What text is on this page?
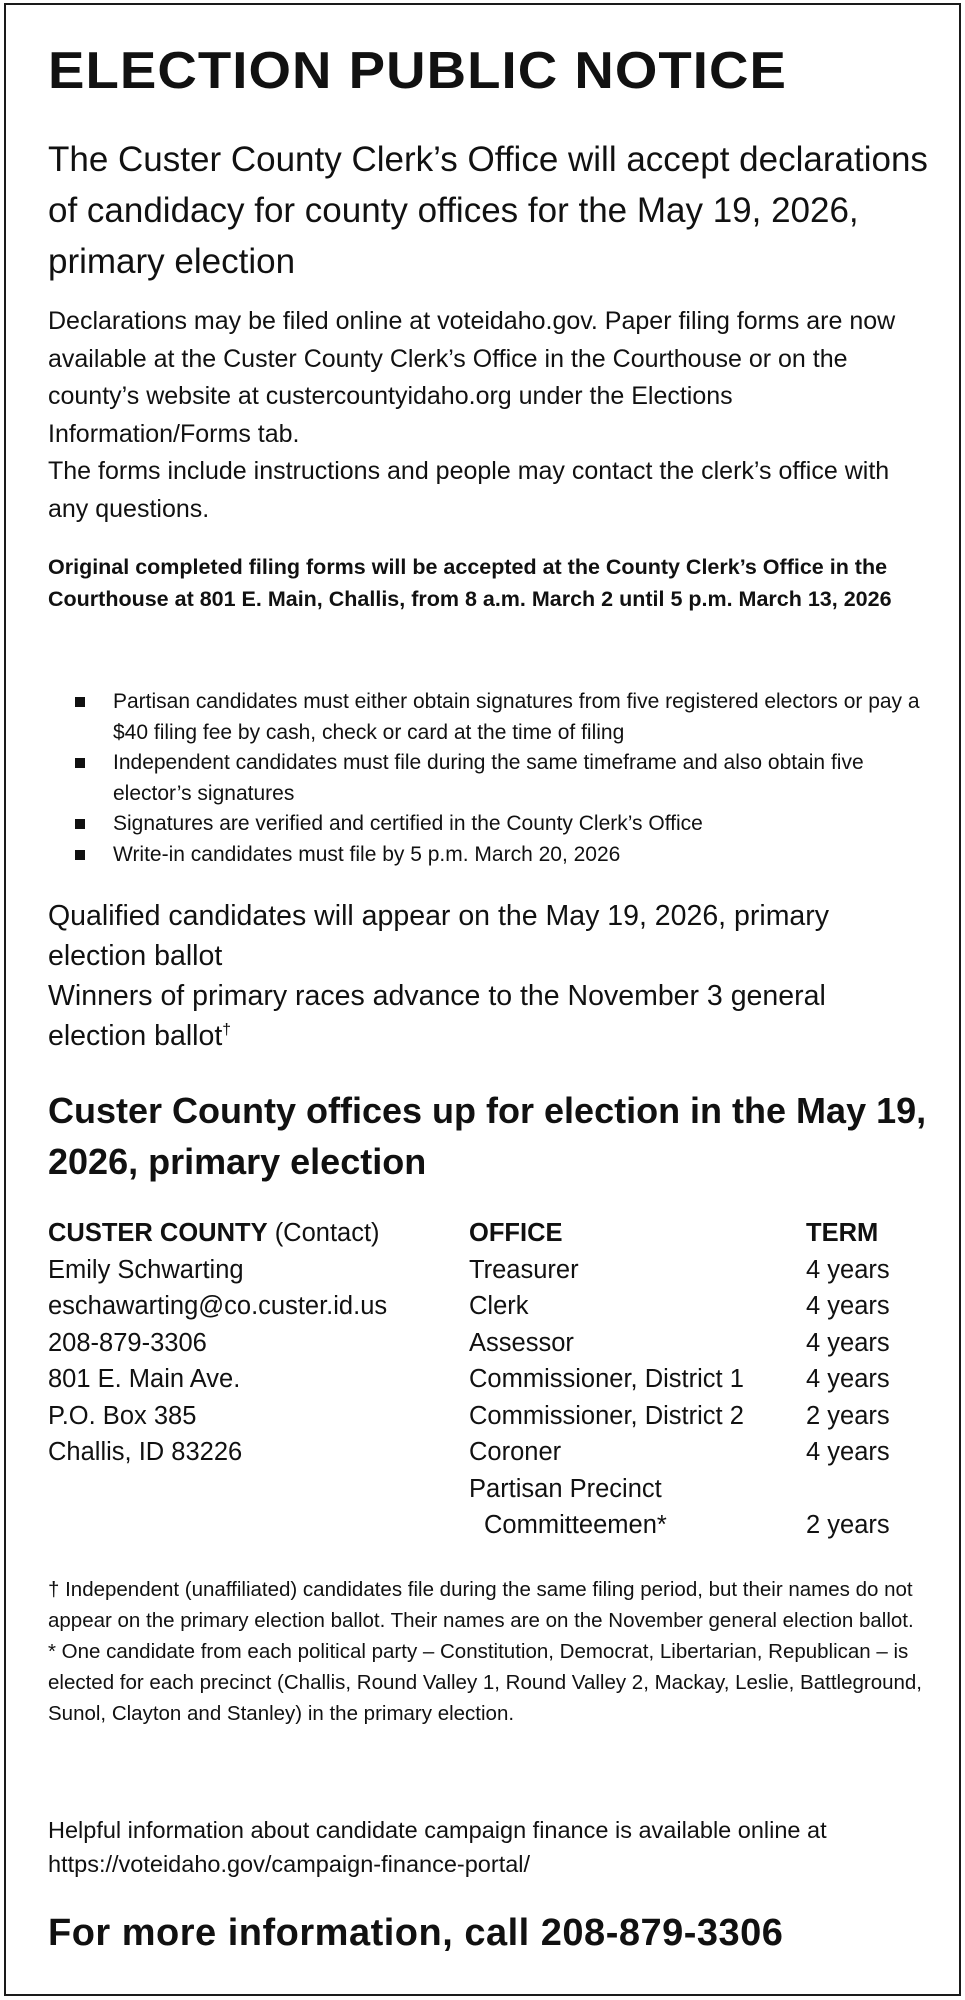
ELECTION PUBLIC NOTICE

The Custer County Clerk’s Office will accept declarations of candidacy for county offices for the May 19, 2026, primary election

Declarations may be filed online at voteidaho.gov. Paper filing forms are now available at the Custer County Clerk’s Office in the Courthouse or on the county’s website at custercountyidaho.org under the Elections Information/Forms tab.

The forms include instructions and people may contact the clerk’s office with any questions.

Original completed filing forms will be accepted at the County Clerk’s Office in the Courthouse at 801 E. Main, Challis, from 8 a.m. March 2 until 5 p.m. March 13, 2026

Partisan candidates must either obtain signatures from five registered electors or pay a $40 filing fee by cash, check or card at the time of filing
Independent candidates must file during the same timeframe and also obtain five elector’s signatures
Signatures are verified and certified in the County Clerk’s Office
Write-in candidates must file by 5 p.m. March 20, 2026

Qualified candidates will appear on the May 19, 2026, primary election ballot

Winners of primary races advance to the November 3 general election ballot†

Custer County offices up for election in the May 19, 2026, primary election
CUSTER COUNTY (Contact)
Emily Schwarting
eschawarting@co.custer.id.us
208-879-3306
801 E. Main Ave.
P.O. Box 385
Challis, ID 83226
OFFICE
Treasurer
Clerk
Assessor
Commissioner, District 1
Commissioner, District 2
Coroner
Partisan Precinct
Committeemen*
TERM
4 years
4 years
4 years
4 years
2 years
4 years

2 years

† Independent (unaffiliated) candidates file during the same filing period, but their names do not appear on the primary election ballot. Their names are on the November general election ballot.

* One candidate from each political party – Constitution, Democrat, Libertarian, Republican – is elected for each precinct (Challis, Round Valley 1, Round Valley 2, Mackay, Leslie, Battleground, Sunol, Clayton and Stanley) in the primary election.

Helpful information about candidate campaign finance is available online at https://voteidaho.gov/campaign-finance-portal/

For more information, call 208-879-3306
